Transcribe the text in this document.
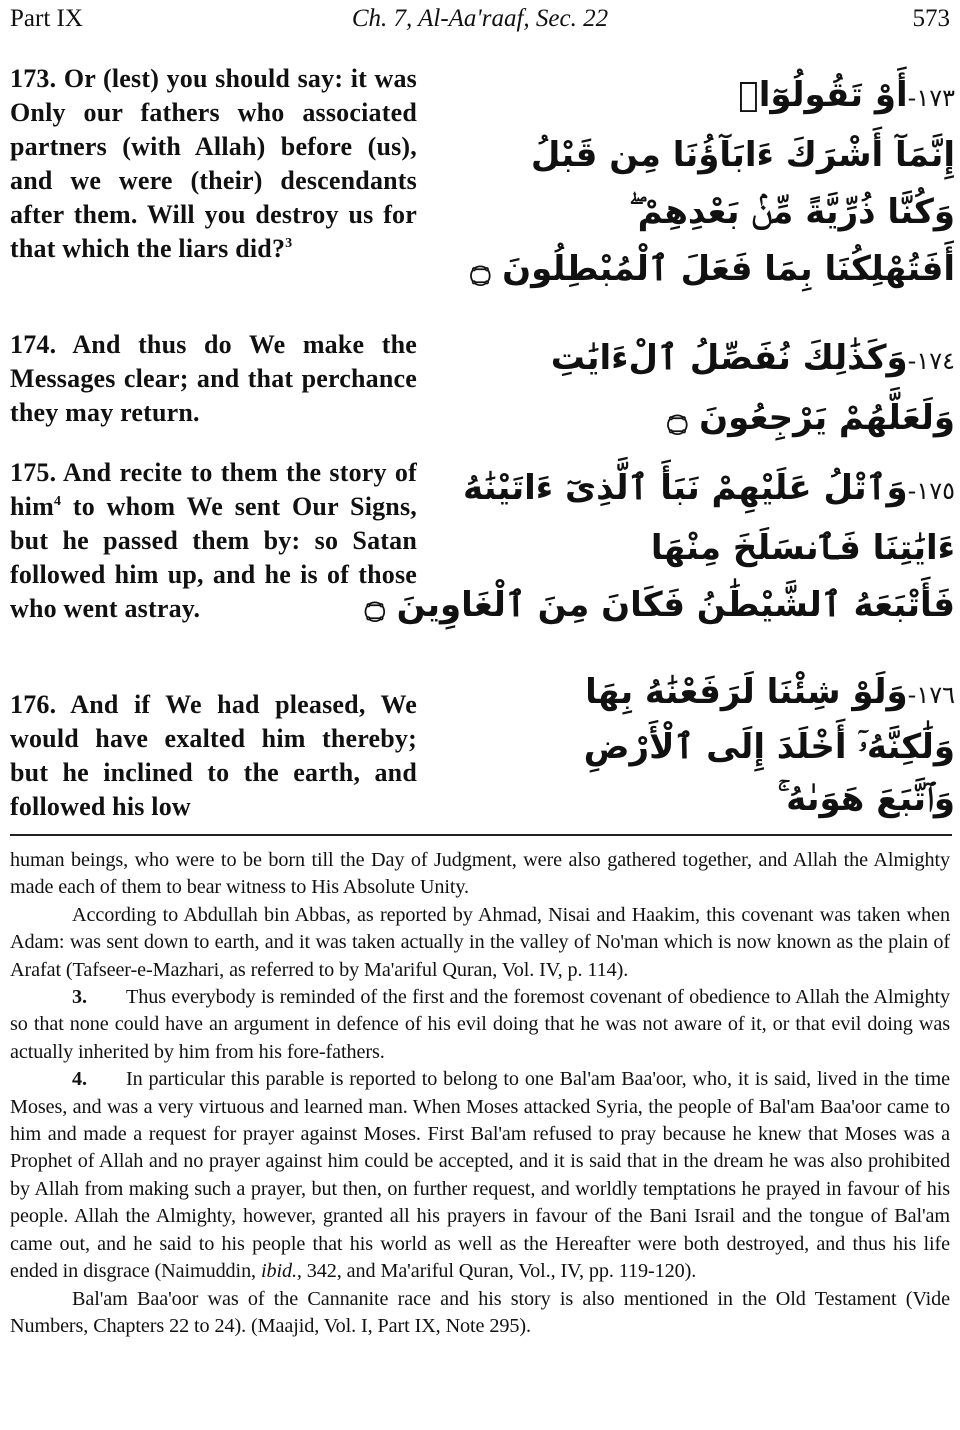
Part IX	Ch. 7, Al-Aa'raaf, Sec. 22	573
173. Or (lest) you should say: it was Only our fathers who associated partners (with Allah) before (us), and we were (their) descendants after them. Will you destroy us for that which the liars did?$^3$
١٧٣-أَوْ تَقُولُوٓا۟
إِنَّمَآ أَشْرَكَ ءَابَآؤُنَا مِن قَبْلُ
وَكُنَّا ذُرِّيَّةً مِّنۢ بَعْدِهِمْ ۖ
أَفَتُهْلِكُنَا بِمَا فَعَلَ ٱلْمُبْطِلُونَ ۝
174. And thus do We make the Messages clear; and that perchance they may return.
١٧٤-وَكَذَٰلِكَ نُفَصِّلُ ٱلْءَايَٰتِ
وَلَعَلَّهُمْ يَرْجِعُونَ ۝
175. And recite to them the story of him$^4$ to whom We sent Our Signs, but he passed them by: so Satan followed him up, and he is of those who went astray.
١٧٥-وَٱتْلُ عَلَيْهِمْ نَبَأَ ٱلَّذِىٓ ءَاتَيْنَٰهُ
ءَايَٰتِنَا فَٱنسَلَخَ مِنْهَا
فَأَتْبَعَهُ ٱلشَّيْطَٰنُ فَكَانَ مِنَ ٱلْغَاوِينَ ۝
176. And if We had pleased, We would have exalted him thereby; but he inclined to the earth, and followed his low
١٧٦-وَلَوْ شِئْنَا لَرَفَعْنَٰهُ بِهَا
وَلَٰكِنَّهُۥٓ أَخْلَدَ إِلَى ٱلْأَرْضِ
وَٱتَّبَعَ هَوَىٰهُ ۚ

human beings, who were to be born till the Day of Judgment, were also gathered together, and Allah the Almighty made each of them to bear witness to His Absolute Unity.

According to Abdullah bin Abbas, as reported by Ahmad, Nisai and Haakim, this covenant was taken when Adam: was sent down to earth, and it was taken actually in the valley of No'man which is now known as the plain of Arafat (Tafseer-e-Mazhari, as referred to by Ma'ariful Quran, Vol. IV, p. 114).

3. Thus everybody is reminded of the first and the foremost covenant of obedience to Allah the Almighty so that none could have an argument in defence of his evil doing that he was not aware of it, or that evil doing was actually inherited by him from his fore-fathers.

4. In particular this parable is reported to belong to one Bal'am Baa'oor, who, it is said, lived in the time Moses, and was a very virtuous and learned man. When Moses attacked Syria, the people of Bal'am Baa'oor came to him and made a request for prayer against Moses. First Bal'am refused to pray because he knew that Moses was a Prophet of Allah and no prayer against him could be accepted, and it is said that in the dream he was also prohibited by Allah from making such a prayer, but then, on further request, and worldly temptations he prayed in favour of his people. Allah the Almighty, however, granted all his prayers in favour of the Bani Israil and the tongue of Bal'am came out, and he said to his people that his world as well as the Hereafter were both destroyed, and thus his life ended in disgrace (Naimuddin, ibid., 342, and Ma'ariful Quran, Vol., IV, pp. 119-120).

Bal'am Baa'oor was of the Cannanite race and his story is also mentioned in the Old Testament (Vide Numbers, Chapters 22 to 24). (Maajid, Vol. I, Part IX, Note 295).
